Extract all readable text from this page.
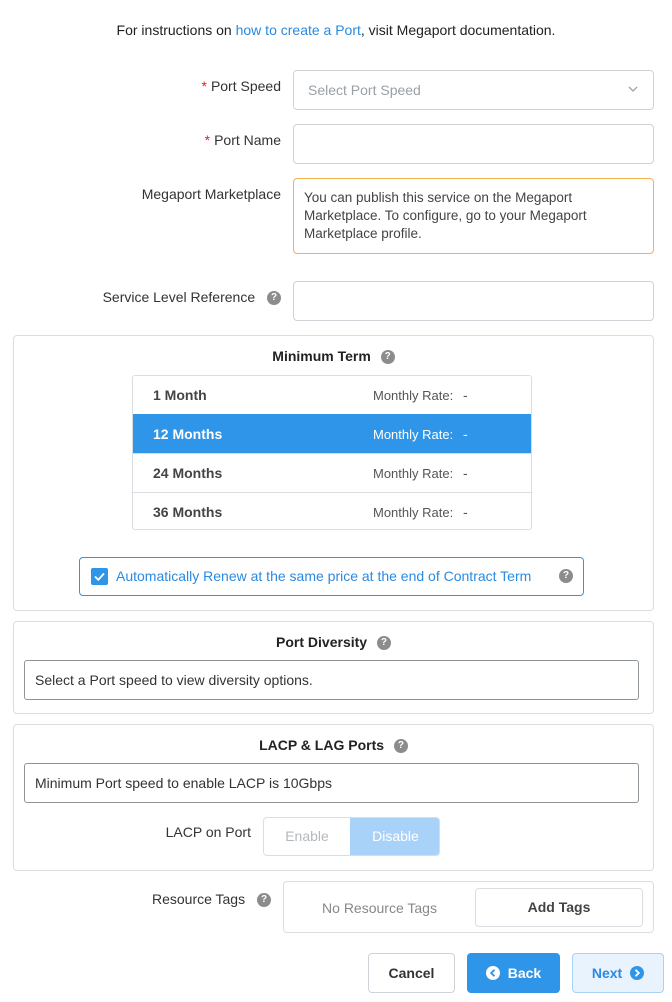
For instructions on how to create a Port, visit Megaport documentation.
* Port Speed Select Port Speed
* Port Name
Megaport Marketplace	You can publish this service on the Megaport Marketplace. To configure, go to your Megaport Marketplace profile.
Service Level Reference ?
Minimum Term ?
1 Month	Monthly Rate: -
12 Months	Monthly Rate: -
24 Months	Monthly Rate: -
36 Months	Monthly Rate: -
Automatically Renew at the same price at the end of Contract Term	?
Port Diversity ?
Select a Port speed to view diversity options.
LACP & LAG Ports ?
Minimum Port speed to enable LACP is 10Gbps
LACP on Port	Enable	Disable
Resource Tags ?
No Resource Tags	Add Tags
Cancel	Back	Next
